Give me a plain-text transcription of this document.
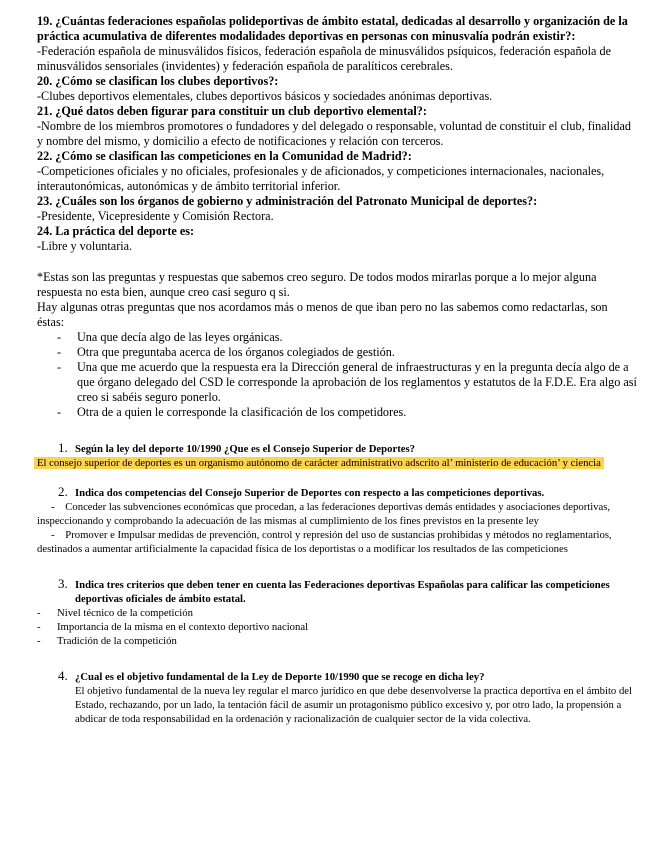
19. ¿Cuántas federaciones españolas polideportivas de ámbito estatal, dedicadas al desarrollo y organización de la práctica acumulativa de diferentes modalidades deportivas en personas con minusvalía podrán existir?:
-Federación española de minusválidos físicos, federación española de minusválidos psíquicos, federación española de minusválidos sensoriales (invidentes) y federación española de paralíticos cerebrales.
20. ¿Cómo se clasifican los clubes deportivos?:
-Clubes deportivos elementales, clubes deportivos básicos y sociedades anónimas deportivas.
21. ¿Qué datos deben figurar para constituir un club deportivo elemental?:
-Nombre de los miembros promotores o fundadores y del delegado o responsable, voluntad de constituir el club, finalidad y nombre del mismo, y domicilio a efecto de notificaciones y relación con terceros.
22. ¿Cómo se clasifican las competiciones en la Comunidad de Madrid?:
-Competiciones oficiales y no oficiales, profesionales y de aficionados, y competiciones internacionales, nacionales, interautonómicas, autonómicas y de ámbito territorial inferior.
23. ¿Cuáles son los órganos de gobierno y administración del Patronato Municipal de deportes?:
-Presidente, Vicepresidente y Comisión Rectora.
24. La práctica del deporte es:
-Libre y voluntaria.
*Estas son las preguntas y respuestas que sabemos creo seguro. De todos modos mirarlas porque a lo mejor alguna respuesta no esta bien, aunque creo casi seguro q si.
Hay algunas otras preguntas que nos acordamos más o menos de que iban pero no las sabemos como redactarlas, son éstas:
- Una que decía algo de las leyes orgánicas.
- Otra que preguntaba acerca de los órganos colegiados de gestión.
- Una que me acuerdo que la respuesta era la Dirección general de infraestructuras y en la pregunta decía algo de a que órgano delegado del CSD le corresponde la aprobación de los reglamentos y estatutos de la F.D.E. Era algo así creo si sabéis seguro ponerlo.
- Otra de a quien le corresponde la clasificación de los competidores.
1. Según la ley del deporte 10/1990 ¿Que es el Consejo Superior de Deportes?
El consejo superior de deportes es un organismo autónomo de carácter administrativo adscrito al’ ministerio de educación’ y ciencia
2. Indica dos competencias del Consejo Superior de Deportes con respecto a las competiciones deportivas.
-    Conceder las subvenciones económicas que procedan, a las federaciones deportivas demás entidades y asociaciones deportivas, inspeccionando y comprobando la adecuación de las mismas al cumplimiento de los fines previstos en la presente ley
-    Promover e Impulsar medidas de prevención, control y represión del uso de sustancias prohibidas y métodos no reglamentarios, destinados a aumentar artificialmente la capacidad física de los deportistas o a modificar los resultados de las competiciones
3. Indica tres criterios que deben tener en cuenta las Federaciones deportivas Españolas para calificar las competiciones deportivas oficiales de ámbito estatal.
- Nivel técnico de la competición
- Importancia de la misma en el contexto deportivo nacional
- Tradición de la competición
4. ¿Cual es el objetivo fundamental de la Ley de Deporte 10/1990 que se recoge en dicha ley?
El objetivo fundamental de la nueva ley regular el marco jurídico en que debe desenvolverse la practica deportiva en el ámbito del Estado, rechazando, por un lado, la tentación fácil de asumir un protagonismo público excesivo y, por otro lado, la propensión a abdicar de toda responsabilidad en la ordenación y racionalización de cualquier sector de la vida colectiva.
